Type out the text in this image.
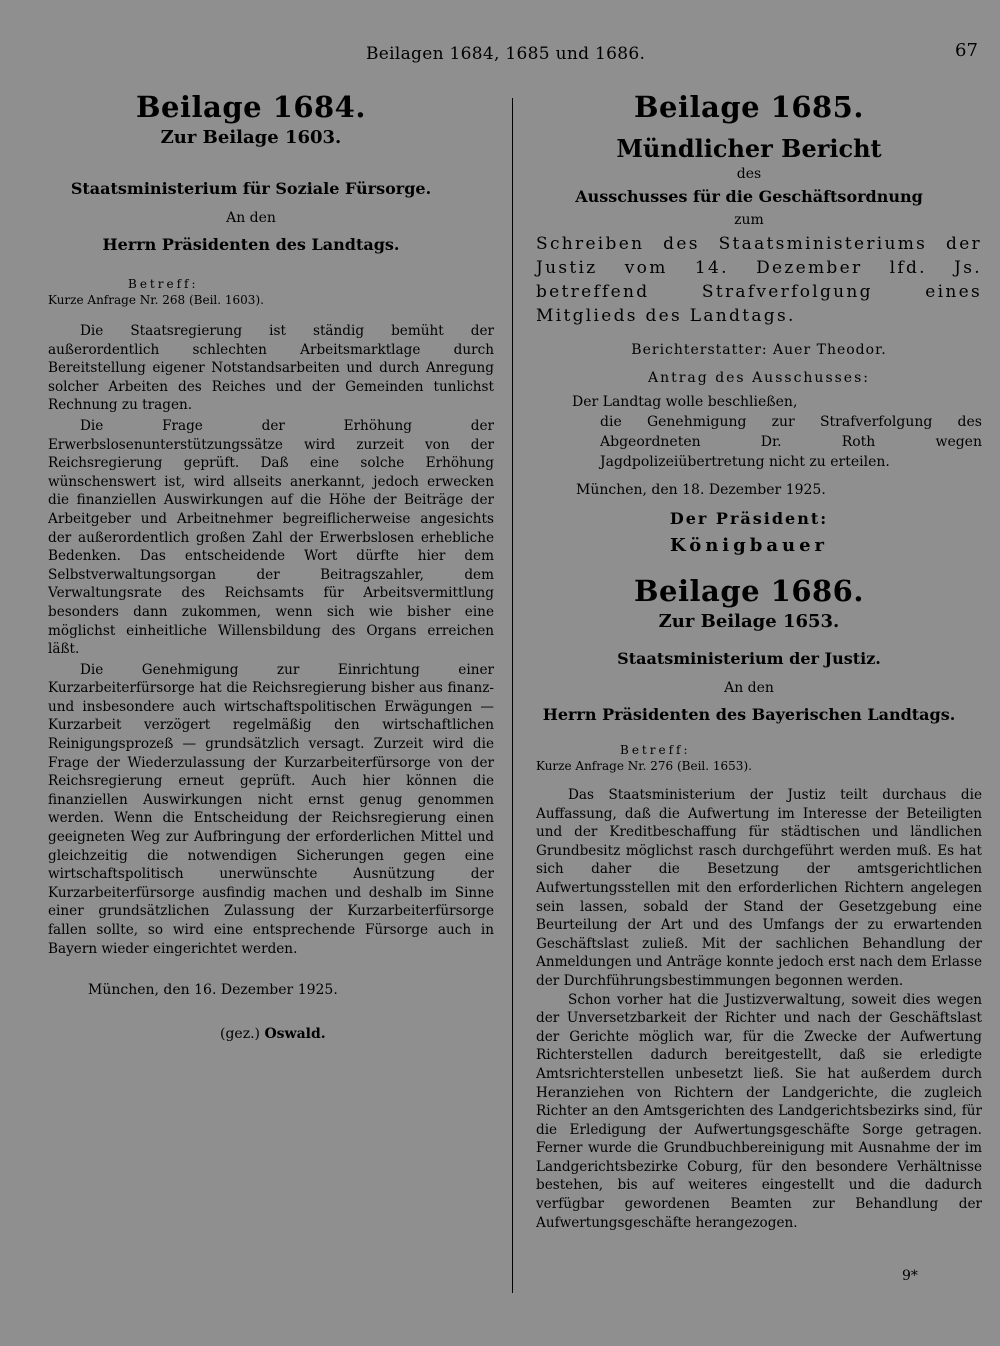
Beilagen 1684, 1685 und 1686.	67

Beilage 1684.

Zur Beilage 1603.

Staatsministerium für Soziale Fürsorge.

An den

Herrn Präsidenten des Landtags.

Betreff:
Kurze Anfrage Nr. 268 (Beil. 1603).

Die Staatsregierung ist ständig bemüht der außerordentlich schlechten Arbeitsmarktlage durch Bereitstellung eigener Notstandsarbeiten und durch Anregung solcher Arbeiten des Reiches und der Gemeinden tunlichst Rechnung zu tragen.

Die Frage der Erhöhung der Erwerbslosenunterstützungssätze wird zurzeit von der Reichsregierung geprüft. Daß eine solche Erhöhung wünschenswert ist, wird allseits anerkannt, jedoch erwecken die finanziellen Auswirkungen auf die Höhe der Beiträge der Arbeitgeber und Arbeitnehmer begreiflicherweise angesichts der außerordentlich großen Zahl der Erwerbslosen erhebliche Bedenken. Das entscheidende Wort dürfte hier dem Selbstverwaltungsorgan der Beitragszahler, dem Verwaltungsrate des Reichsamts für Arbeitsvermittlung besonders dann zukommen, wenn sich wie bisher eine möglichst einheitliche Willensbildung des Organs erreichen läßt.

Die Genehmigung zur Einrichtung einer Kurzarbeiterfürsorge hat die Reichsregierung bisher aus finanz- und insbesondere auch wirtschaftspolitischen Erwägungen — Kurzarbeit verzögert regelmäßig den wirtschaftlichen Reinigungsprozeß — grundsätzlich versagt. Zurzeit wird die Frage der Wiederzulassung der Kurzarbeiterfürsorge von der Reichsregierung erneut geprüft. Auch hier können die finanziellen Auswirkungen nicht ernst genug genommen werden. Wenn die Entscheidung der Reichsregierung einen geeigneten Weg zur Aufbringung der erforderlichen Mittel und gleichzeitig die notwendigen Sicherungen gegen eine wirtschaftspolitisch unerwünschte Ausnützung der Kurzarbeiterfürsorge ausfindig machen und deshalb im Sinne einer grundsätzlichen Zulassung der Kurzarbeiterfürsorge fallen sollte, so wird eine entsprechende Fürsorge auch in Bayern wieder eingerichtet werden.

München, den 16. Dezember 1925.
(gez.) Oswald.

Beilage 1685.

Mündlicher Bericht

des

Ausschusses für die Geschäftsordnung

zum

Schreiben des Staatsministeriums der Justiz vom 14. Dezember lfd. Js. betreffend Strafverfolgung eines Mitglieds des Landtags.

Berichterstatter: Auer Theodor.
Antrag des Ausschusses:
Der Landtag wolle beschließen,
die Genehmigung zur Strafverfolgung des Abgeordneten Dr. Roth wegen Jagdpolizeiübertretung nicht zu erteilen.
München, den 18. Dezember 1925.

Der Präsident:

Königbauer

Beilage 1686.

Zur Beilage 1653.

Staatsministerium der Justiz.

An den

Herrn Präsidenten des Bayerischen Landtags.

Betreff:
Kurze Anfrage Nr. 276 (Beil. 1653).

Das Staatsministerium der Justiz teilt durchaus die Auffassung, daß die Aufwertung im Interesse der Beteiligten und der Kreditbeschaffung für städtischen und ländlichen Grundbesitz möglichst rasch durchgeführt werden muß. Es hat sich daher die Besetzung der amtsgerichtlichen Aufwertungsstellen mit den erforderlichen Richtern angelegen sein lassen, sobald der Stand der Gesetzgebung eine Beurteilung der Art und des Umfangs der zu erwartenden Geschäftslast zuließ. Mit der sachlichen Behandlung der Anmeldungen und Anträge konnte jedoch erst nach dem Erlasse der Durchführungsbestimmungen begonnen werden.

Schon vorher hat die Justizverwaltung, soweit dies wegen der Unversetzbarkeit der Richter und nach der Geschäftslast der Gerichte möglich war, für die Zwecke der Aufwertung Richterstellen dadurch bereitgestellt, daß sie erledigte Amtsrichterstellen unbesetzt ließ. Sie hat außerdem durch Heranziehen von Richtern der Landgerichte, die zugleich Richter an den Amtsgerichten des Landgerichtsbezirks sind, für die Erledigung der Aufwertungsgeschäfte Sorge getragen. Ferner wurde die Grundbuchbereinigung mit Ausnahme der im Landgerichtsbezirke Coburg, für den besondere Verhältnisse bestehen, bis auf weiteres eingestellt und die dadurch verfügbar gewordenen Beamten zur Behandlung der Aufwertungsgeschäfte herangezogen.

9*
